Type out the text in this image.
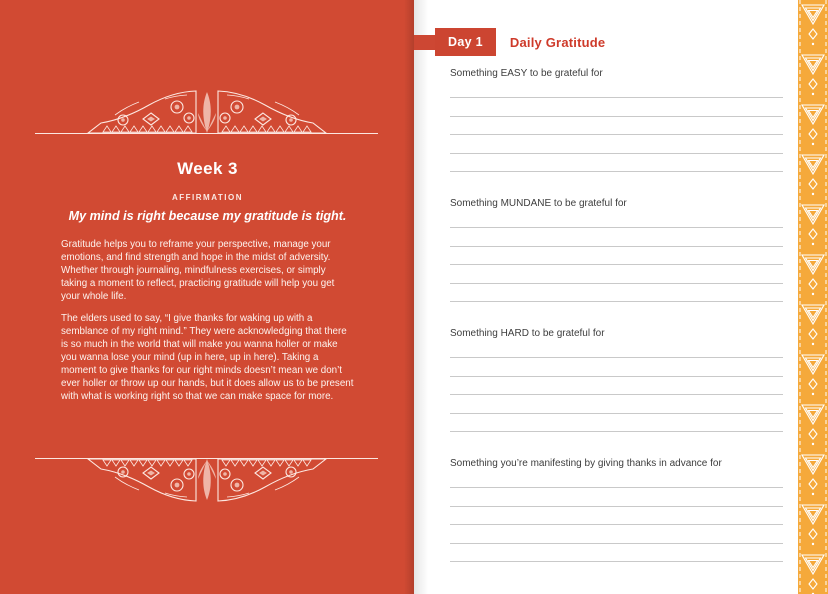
Week 3
AFFIRMATION
My mind is right because my gratitude is tight.

Gratitude helps you to reframe your perspective, manage your emotions, and find strength and hope in the midst of adversity. Whether through journaling, mindfulness exercises, or simply taking a moment to reflect, practicing gratitude will help you get your whole life.

The elders used to say, “I give thanks for waking up with a semblance of my right mind.” They were acknowledging that there is so much in the world that will make you wanna holler or make you wanna lose your mind (up in here, up in here). Taking a moment to give thanks for our right minds doesn’t mean we don’t ever holler or throw up our hands, but it does allow us to be present with what is working right so that we can make space for more.

Day 1	Daily Gratitude
Something EASY to be grateful for
Something MUNDANE to be grateful for
Something HARD to be grateful for
Something you’re manifesting by giving thanks in advance for
